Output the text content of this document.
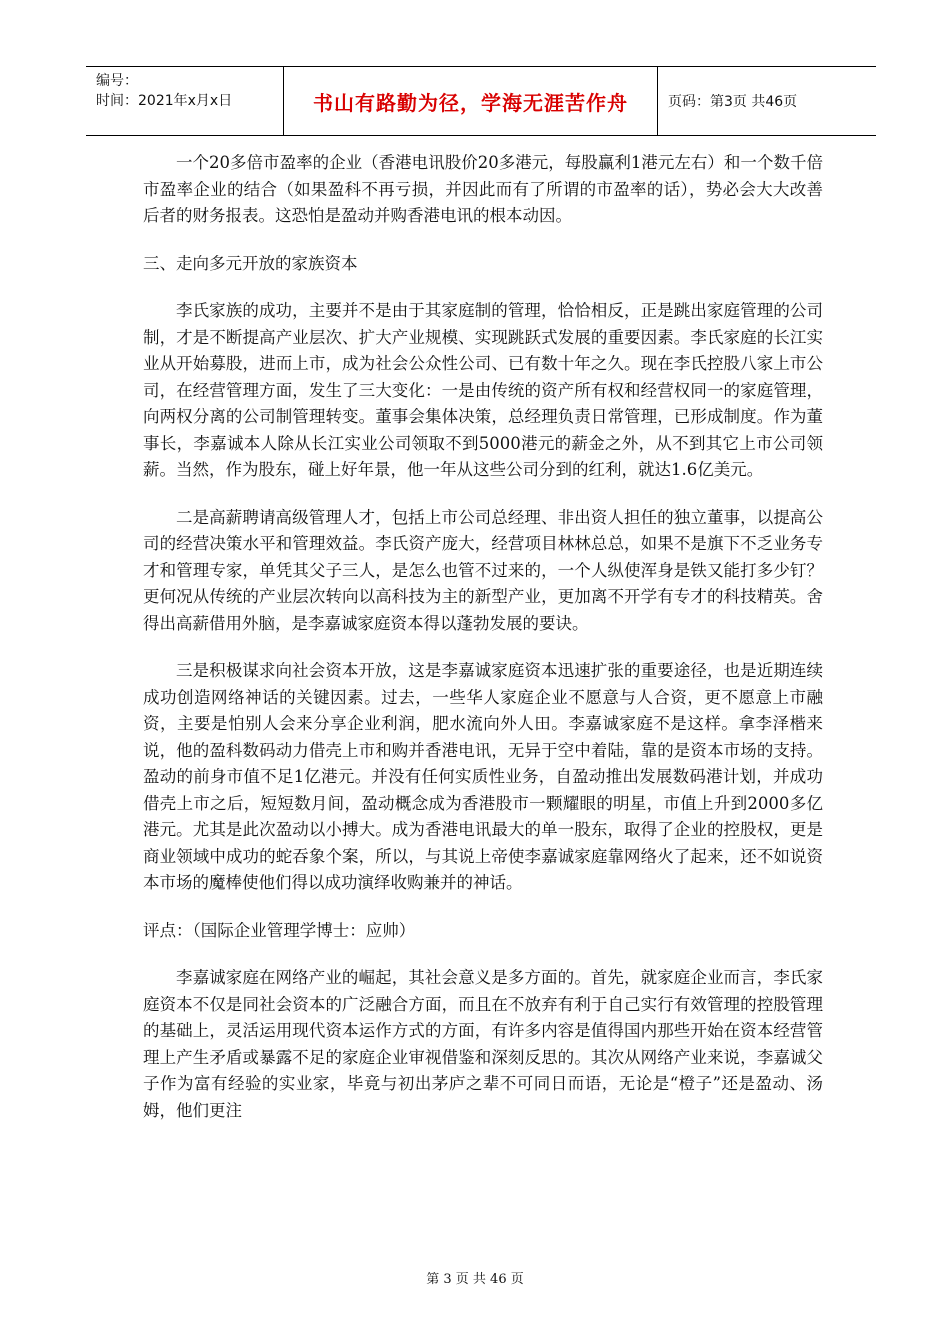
编号：
时间：2021年x月x日	书山有路勤为径，学海无涯苦作舟	页码：第3页 共46页

一个20多倍市盈率的企业（香港电讯股价20多港元，每股赢利1港元左右）和一个数千倍市盈率企业的结合（如果盈科不再亏损，并因此而有了所谓的市盈率的话），势必会大大改善后者的财务报表。这恐怕是盈动并购香港电讯的根本动因。

三、走向多元开放的家族资本

李氏家族的成功，主要并不是由于其家庭制的管理，恰恰相反，正是跳出家庭管理的公司制，才是不断提高产业层次、扩大产业规模、实现跳跃式发展的重要因素。李氏家庭的长江实业从开始募股，进而上市，成为社会公众性公司、已有数十年之久。现在李氏控股八家上市公司，在经营管理方面，发生了三大变化：一是由传统的资产所有权和经营权同一的家庭管理，向两权分离的公司制管理转变。董事会集体决策，总经理负责日常管理，已形成制度。作为董事长，李嘉诚本人除从长江实业公司领取不到5000港元的薪金之外，从不到其它上市公司领薪。当然，作为股东，碰上好年景，他一年从这些公司分到的红利，就达1.6亿美元。

二是高薪聘请高级管理人才，包括上市公司总经理、非出资人担任的独立董事，以提高公司的经营决策水平和管理效益。李氏资产庞大，经营项目林林总总，如果不是旗下不乏业务专才和管理专家，单凭其父子三人，是怎么也管不过来的，一个人纵使浑身是铁又能打多少钉？更何况从传统的产业层次转向以高科技为主的新型产业，更加离不开学有专才的科技精英。舍得出高薪借用外脑，是李嘉诚家庭资本得以蓬勃发展的要诀。

三是积极谋求向社会资本开放，这是李嘉诚家庭资本迅速扩张的重要途径，也是近期连续成功创造网络神话的关键因素。过去，一些华人家庭企业不愿意与人合资，更不愿意上市融资，主要是怕别人会来分享企业利润，肥水流向外人田。李嘉诚家庭不是这样。拿李泽楷来说，他的盈科数码动力借壳上市和购并香港电讯，无异于空中着陆，靠的是资本市场的支持。盈动的前身市值不足1亿港元。并没有任何实质性业务，自盈动推出发展数码港计划，并成功借壳上市之后，短短数月间，盈动概念成为香港股市一颗耀眼的明星，市值上升到2000多亿港元。尤其是此次盈动以小搏大。成为香港电讯最大的单一股东，取得了企业的控股权，更是商业领域中成功的蛇吞象个案，所以，与其说上帝使李嘉诚家庭靠网络火了起来，还不如说资本市场的魔棒使他们得以成功演绎收购兼并的神话。

评点：（国际企业管理学博士：应帅）

李嘉诚家庭在网络产业的崛起，其社会意义是多方面的。首先，就家庭企业而言，李氏家庭资本不仅是同社会资本的广泛融合方面，而且在不放弃有利于自己实行有效管理的控股管理的基础上，灵活运用现代资本运作方式的方面，有许多内容是值得国内那些开始在资本经营管理上产生矛盾或暴露不足的家庭企业审视借鉴和深刻反思的。其次从网络产业来说，李嘉诚父子作为富有经验的实业家，毕竟与初出茅庐之辈不可同日而语，无论是“橙子”还是盈动、汤姆，他们更注

第 3 页 共 46 页
